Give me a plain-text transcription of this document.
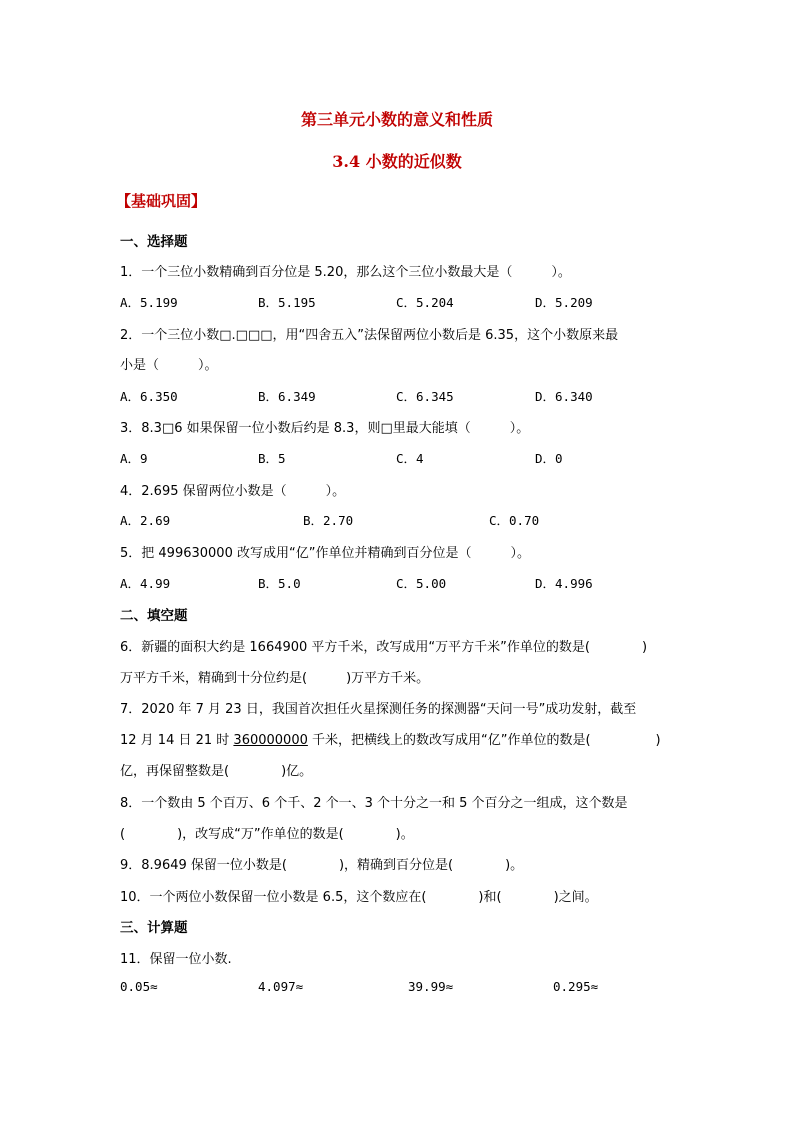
第三单元小数的意义和性质
3.4 小数的近似数
【基础巩固】
一、选择题
1．一个三位小数精确到百分位是 5.20，那么这个三位小数最大是（　　　）。
A．5.199	B．5.195	C．5.204	D．5.209
2．一个三位小数□.□□□，用“四舍五入”法保留两位小数后是 6.35，这个小数原来最
小是（　　　）。
A．6.350	B．6.349	C．6.345	D．6.340
3．8.3□6 如果保留一位小数后约是 8.3，则□里最大能填（　　　）。
A．9	B．5	C．4	D．0
4．2.695 保留两位小数是（　　　）。
A．2.69	B．2.70	C．0.70
5．把 499630000 改写成用“亿”作单位并精确到百分位是（　　　）。
A．4.99	B．5.0	C．5.00	D．4.996
二、填空题
6．新疆的面积大约是 1664900 平方千米，改写成用“万平方千米”作单位的数是(　　　　)
万平方千米，精确到十分位约是(　　　)万平方千米。
7．2020 年 7 月 23 日，我国首次担任火星探测任务的探测器“天问一号”成功发射，截至
12 月 14 日 21 时 360000000 千米，把横线上的数改写成用“亿”作单位的数是(　　　　　)
亿，再保留整数是(　　　　)亿。
8．一个数由 5 个百万、6 个千、2 个一、3 个十分之一和 5 个百分之一组成，这个数是
(　　　　)，改写成“万”作单位的数是(　　　　)。
9．8.9649 保留一位小数是(　　　　)，精确到百分位是(　　　　)。
10．一个两位小数保留一位小数是 6.5，这个数应在(　　　　)和(　　　　)之间。
三、计算题
11．保留一位小数.
0.05≈	4.097≈	39.99≈	0.295≈
